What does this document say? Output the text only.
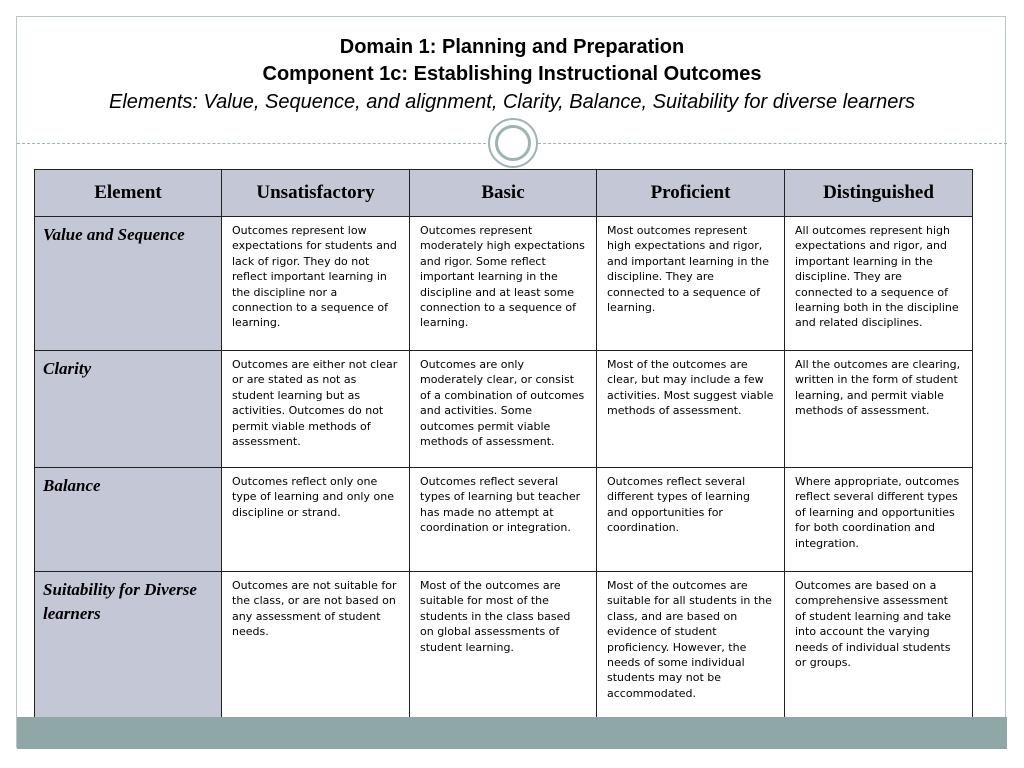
Domain 1: Planning and Preparation
Component 1c: Establishing Instructional Outcomes
Elements: Value, Sequence, and alignment, Clarity, Balance, Suitability for diverse learners
Element	Unsatisfactory	Basic	Proficient	Distinguished
Value and Sequence	Outcomes represent low expectations for students and lack of rigor. They do not reflect important learning in the discipline nor a connection to a sequence of learning.	Outcomes represent moderately high expectations and rigor. Some reflect important learning in the discipline and at least some connection to a sequence of learning.	Most outcomes represent high expectations and rigor, and important learning in the discipline. They are connected to a sequence of learning.	All outcomes represent high expectations and rigor, and important learning in the discipline. They are connected to a sequence of learning both in the discipline and related disciplines.
Clarity	Outcomes are either not clear or are stated as not as student learning but as activities. Outcomes do not permit viable methods of assessment.	Outcomes are only moderately clear, or consist of a combination of outcomes and activities. Some outcomes permit viable methods of assessment.	Most of the outcomes are clear, but may include a few activities. Most suggest viable methods of assessment.	All the outcomes are clearing, written in the form of student learning, and permit viable methods of assessment.
Balance	Outcomes reflect only one type of learning and only one discipline or strand.	Outcomes reflect several types of learning but teacher has made no attempt at coordination or integration.	Outcomes reflect several different types of learning and opportunities for coordination.	Where appropriate, outcomes reflect several different types of learning and opportunities for both coordination and integration.
Suitability for Diverse learners	Outcomes are not suitable for the class, or are not based on any assessment of student needs.	Most of the outcomes are suitable for most of the students in the class based on global assessments of student learning.	Most of the outcomes are suitable for all students in the class, and are based on evidence of student proficiency. However, the needs of some individual students may not be accommodated.	Outcomes are based on a comprehensive assessment of student learning and take into account the varying needs of individual students or groups.
